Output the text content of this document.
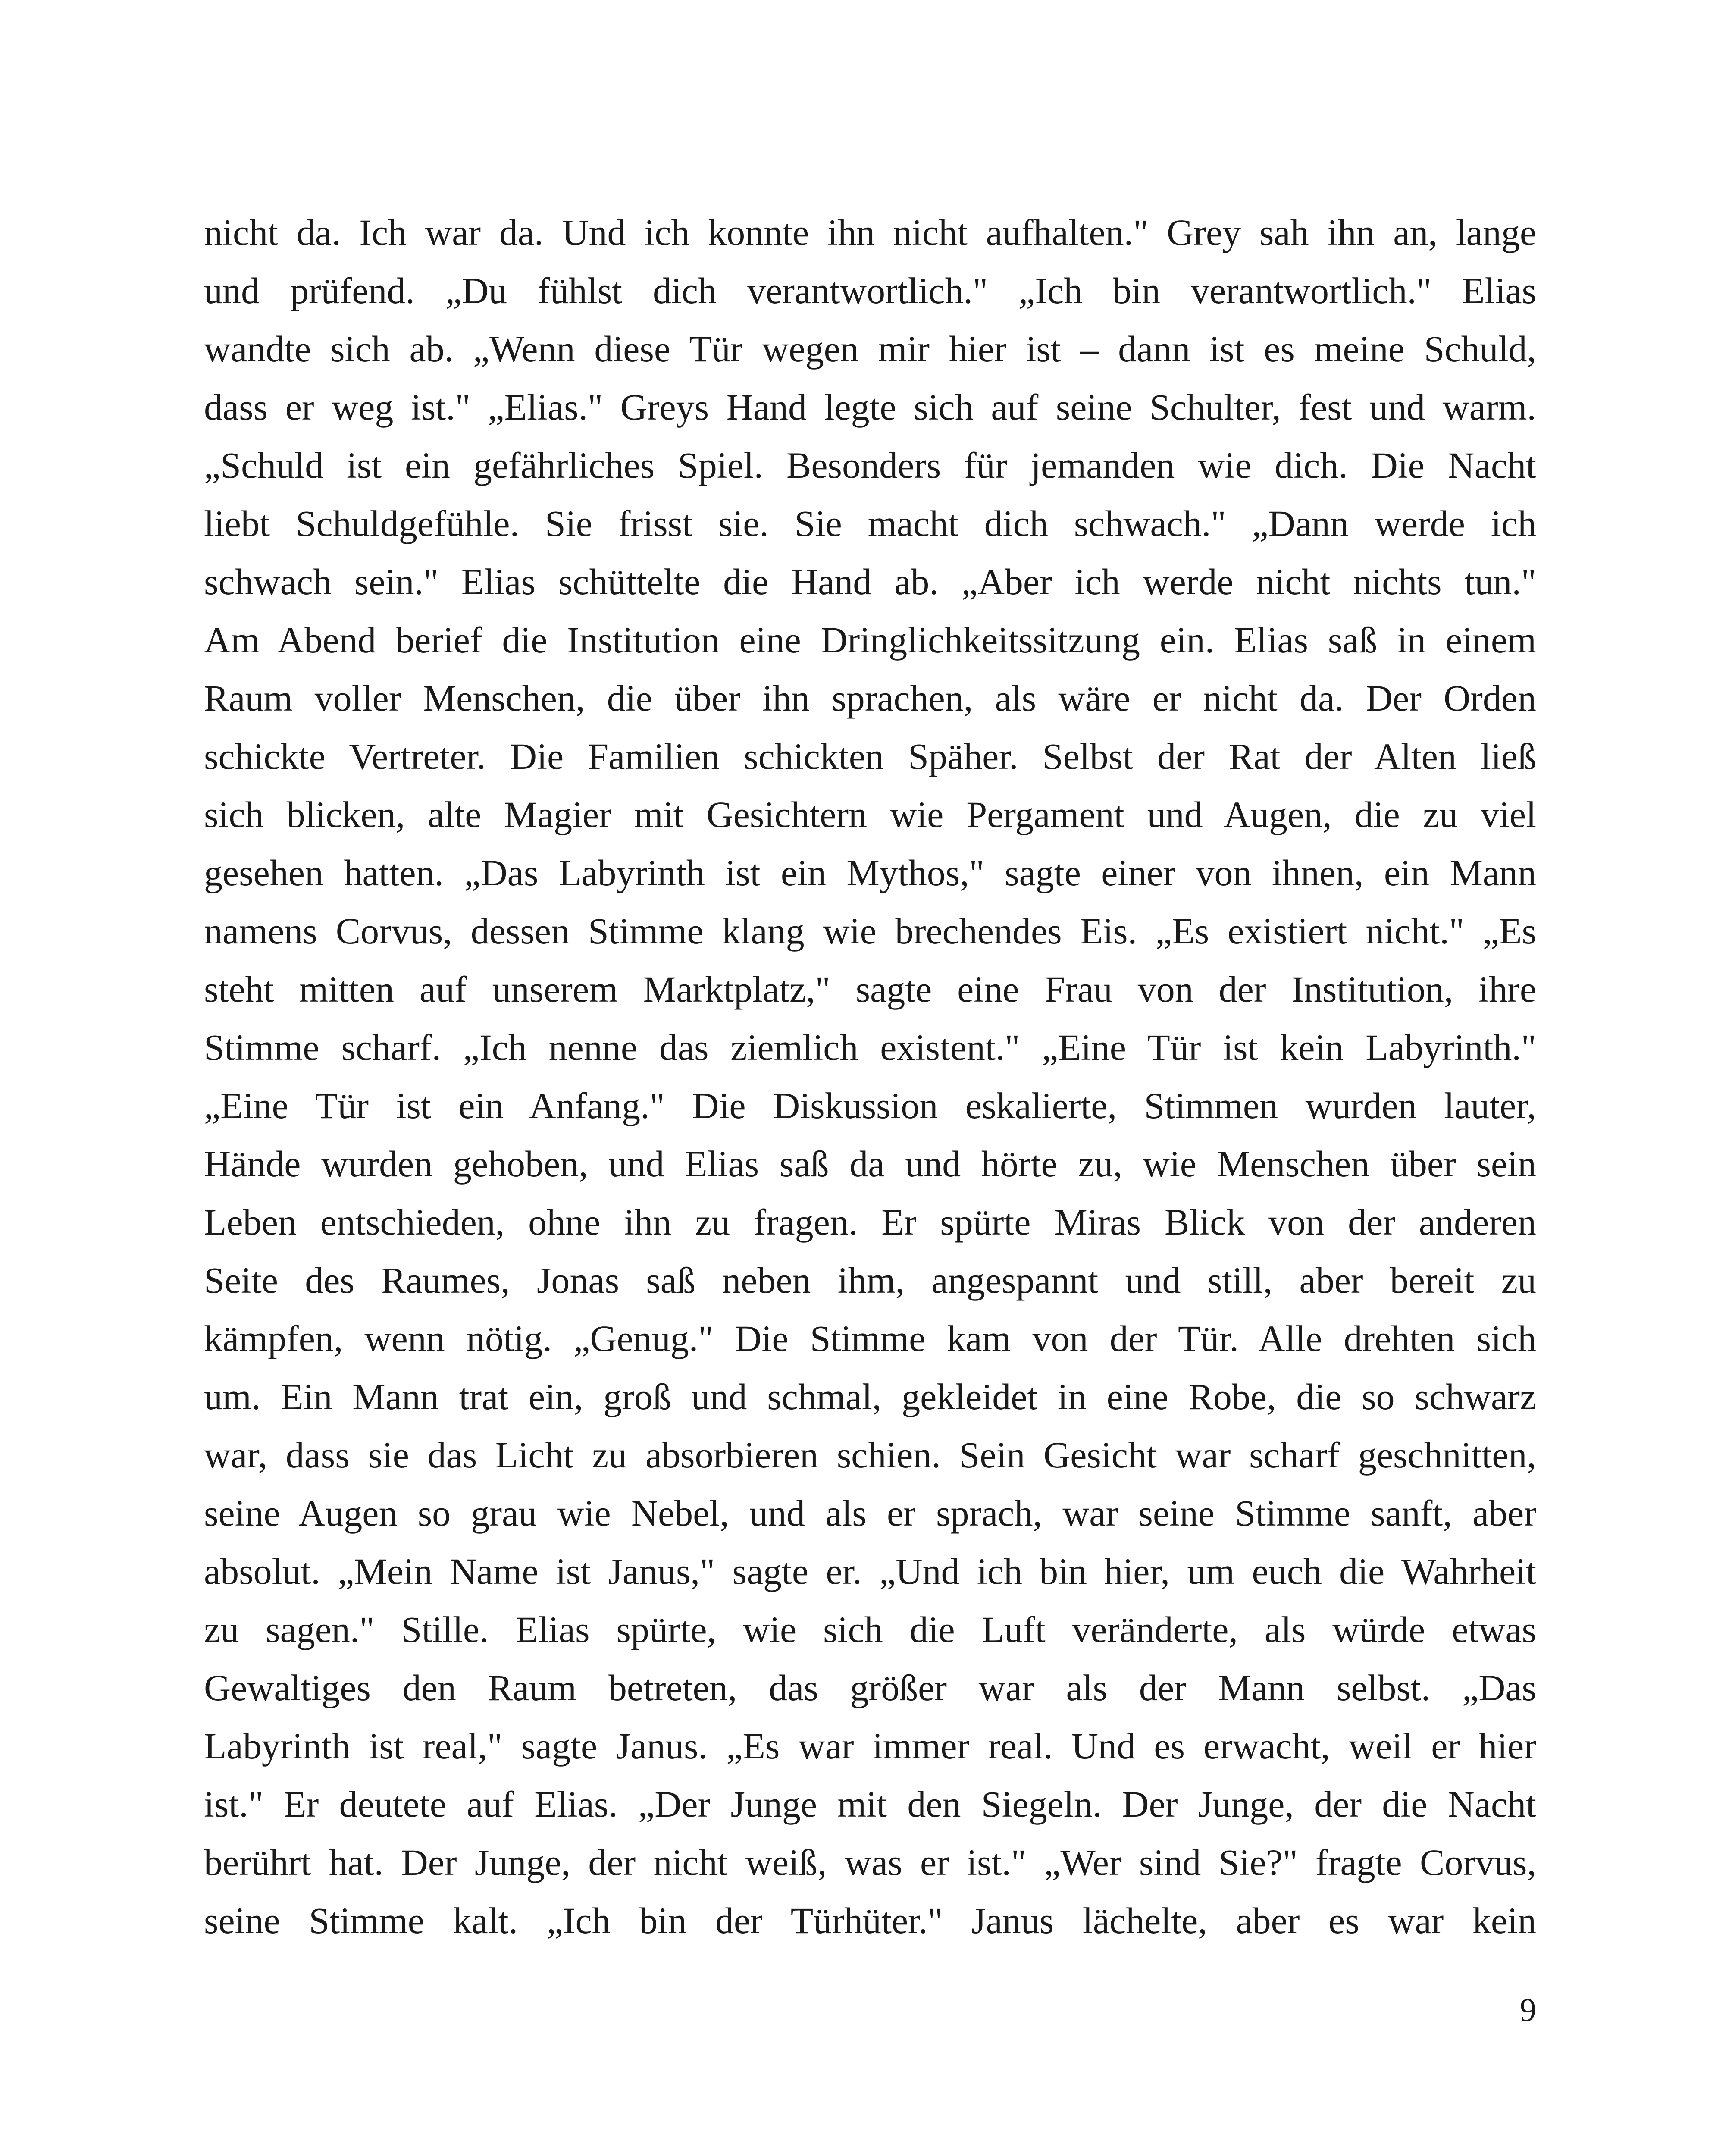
nicht da. Ich war da. Und ich konnte ihn nicht aufhalten." Grey sah ihn an, lange
und prüfend. „Du fühlst dich verantwortlich." „Ich bin verantwortlich." Elias
wandte sich ab. „Wenn diese Tür wegen mir hier ist – dann ist es meine Schuld,
dass er weg ist." „Elias." Greys Hand legte sich auf seine Schulter, fest und warm.
„Schuld ist ein gefährliches Spiel. Besonders für jemanden wie dich. Die Nacht
liebt Schuldgefühle. Sie frisst sie. Sie macht dich schwach." „Dann werde ich
schwach sein." Elias schüttelte die Hand ab. „Aber ich werde nicht nichts tun."
Am Abend berief die Institution eine Dringlichkeitssitzung ein. Elias saß in einem
Raum voller Menschen, die über ihn sprachen, als wäre er nicht da. Der Orden
schickte Vertreter. Die Familien schickten Späher. Selbst der Rat der Alten ließ
sich blicken, alte Magier mit Gesichtern wie Pergament und Augen, die zu viel
gesehen hatten. „Das Labyrinth ist ein Mythos," sagte einer von ihnen, ein Mann
namens Corvus, dessen Stimme klang wie brechendes Eis. „Es existiert nicht." „Es
steht mitten auf unserem Marktplatz," sagte eine Frau von der Institution, ihre
Stimme scharf. „Ich nenne das ziemlich existent." „Eine Tür ist kein Labyrinth."
„Eine Tür ist ein Anfang." Die Diskussion eskalierte, Stimmen wurden lauter,
Hände wurden gehoben, und Elias saß da und hörte zu, wie Menschen über sein
Leben entschieden, ohne ihn zu fragen. Er spürte Miras Blick von der anderen
Seite des Raumes, Jonas saß neben ihm, angespannt und still, aber bereit zu
kämpfen, wenn nötig. „Genug." Die Stimme kam von der Tür. Alle drehten sich
um. Ein Mann trat ein, groß und schmal, gekleidet in eine Robe, die so schwarz
war, dass sie das Licht zu absorbieren schien. Sein Gesicht war scharf geschnitten,
seine Augen so grau wie Nebel, und als er sprach, war seine Stimme sanft, aber
absolut. „Mein Name ist Janus," sagte er. „Und ich bin hier, um euch die Wahrheit
zu sagen." Stille. Elias spürte, wie sich die Luft veränderte, als würde etwas
Gewaltiges den Raum betreten, das größer war als der Mann selbst. „Das
Labyrinth ist real," sagte Janus. „Es war immer real. Und es erwacht, weil er hier
ist." Er deutete auf Elias. „Der Junge mit den Siegeln. Der Junge, der die Nacht
berührt hat. Der Junge, der nicht weiß, was er ist." „Wer sind Sie?" fragte Corvus,
seine Stimme kalt. „Ich bin der Türhüter." Janus lächelte, aber es war kein
9
